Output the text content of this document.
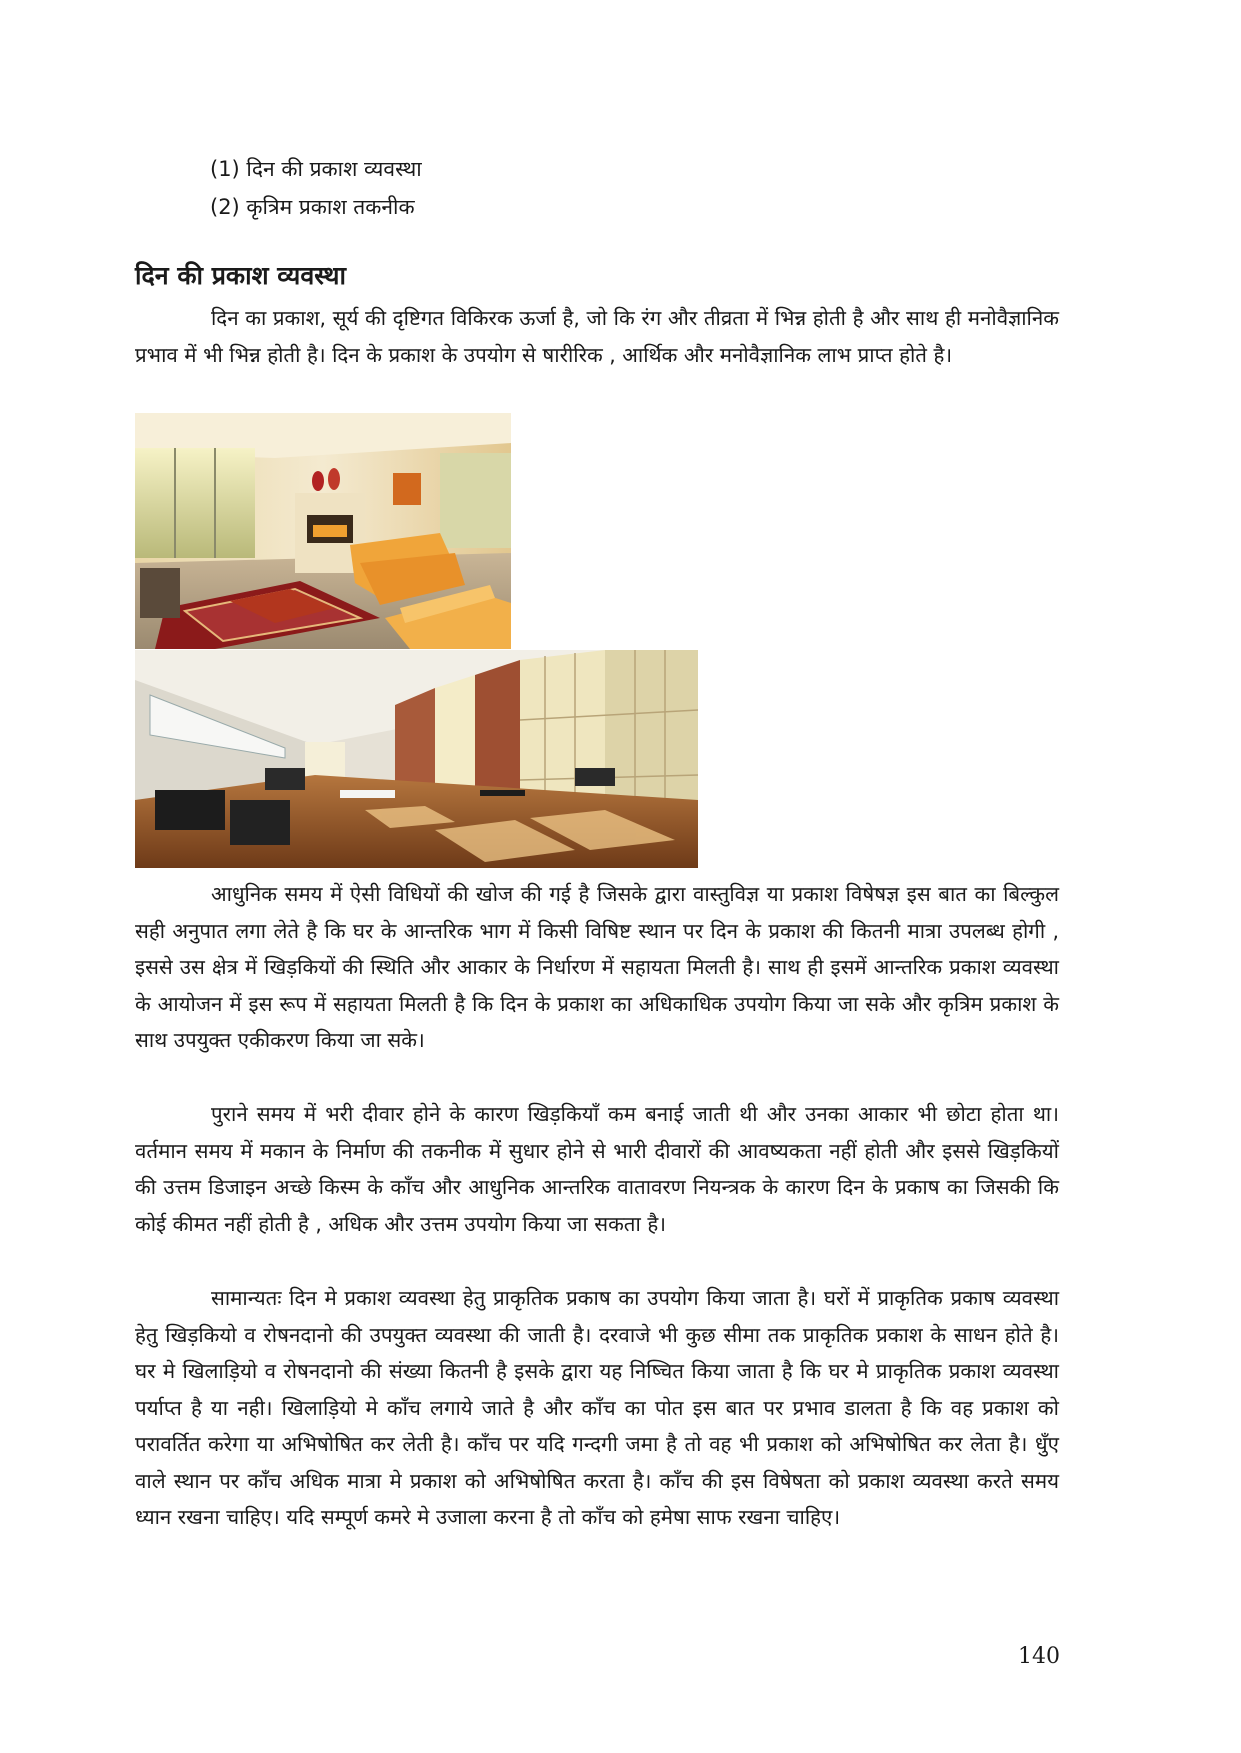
(1) दिन की प्रकाश व्यवस्था
(2) कृत्रिम प्रकाश तकनीक
दिन की प्रकाश व्यवस्था

दिन का प्रकाश, सूर्य की दृष्टिगत विकिरक ऊर्जा है, जो कि रंग और तीव्रता में भिन्न होती है और साथ ही मनोवैज्ञानिक प्रभाव में भी भिन्न होती है। दिन के प्रकाश के उपयोग से षारीरिक , आर्थिक और मनोवैज्ञानिक लाभ प्राप्त होते है।

आधुनिक समय में ऐसी विधियों की खोज की गई है जिसके द्वारा वास्तुविज्ञ या प्रकाश विषेषज्ञ इस बात का बिल्कुल सही अनुपात लगा लेते है कि घर के आन्तरिक भाग में किसी विषिष्ट स्थान पर दिन के प्रकाश की कितनी मात्रा उपलब्ध होगी , इससे उस क्षेत्र में खिड़कियों की स्थिति और आकार के निर्धारण में सहायता मिलती है। साथ ही इसमें आन्तरिक प्रकाश व्यवस्था के आयोजन में इस रूप में सहायता मिलती है कि दिन के प्रकाश का अधिकाधिक उपयोग किया जा सके और कृत्रिम प्रकाश के साथ उपयुक्त एकीकरण किया जा सके।

पुराने समय में भरी दीवार होने के कारण खिड़कियाँ कम बनाई जाती थी और उनका आकार भी छोटा होता था। वर्तमान समय में मकान के निर्माण की तकनीक में सुधार होने से भारी दीवारों की आवष्यकता नहीं होती और इससे खिड़कियों की उत्तम डिजाइन अच्छे किस्म के काँच और आधुनिक आन्तरिक वातावरण नियन्त्रक के कारण दिन के प्रकाष का जिसकी कि कोई कीमत नहीं होती है , अधिक और उत्तम उपयोग किया जा सकता है।

सामान्यतः दिन मे प्रकाश व्यवस्था हेतु प्राकृतिक प्रकाष का उपयोग किया जाता है। घरों में प्राकृतिक प्रकाष व्यवस्था हेतु खिड़कियो व रोषनदानो की उपयुक्त व्यवस्था की जाती है। दरवाजे भी कुछ सीमा तक प्राकृतिक प्रकाश के साधन होते है। घर मे खिलाड़ियो व रोषनदानो की संख्या कितनी है इसके द्वारा यह निष्चित किया जाता है कि घर मे प्राकृतिक प्रकाश व्यवस्था पर्याप्त है या नही। खिलाड़ियो मे काँच लगाये जाते है और काँच का पोत इस बात पर प्रभाव डालता है कि वह प्रकाश को परावर्तित करेगा या अभिषोषित कर लेती है। काँच पर यदि गन्दगी जमा है तो वह भी प्रकाश को अभिषोषित कर लेता है। धुँए वाले स्थान पर काँच अधिक मात्रा मे प्रकाश को अभिषोषित करता है। काँच की इस विषेषता को प्रकाश व्यवस्था करते समय ध्यान रखना चाहिए। यदि सम्पूर्ण कमरे मे उजाला करना है तो काँच को हमेषा साफ रखना चाहिए।

140
